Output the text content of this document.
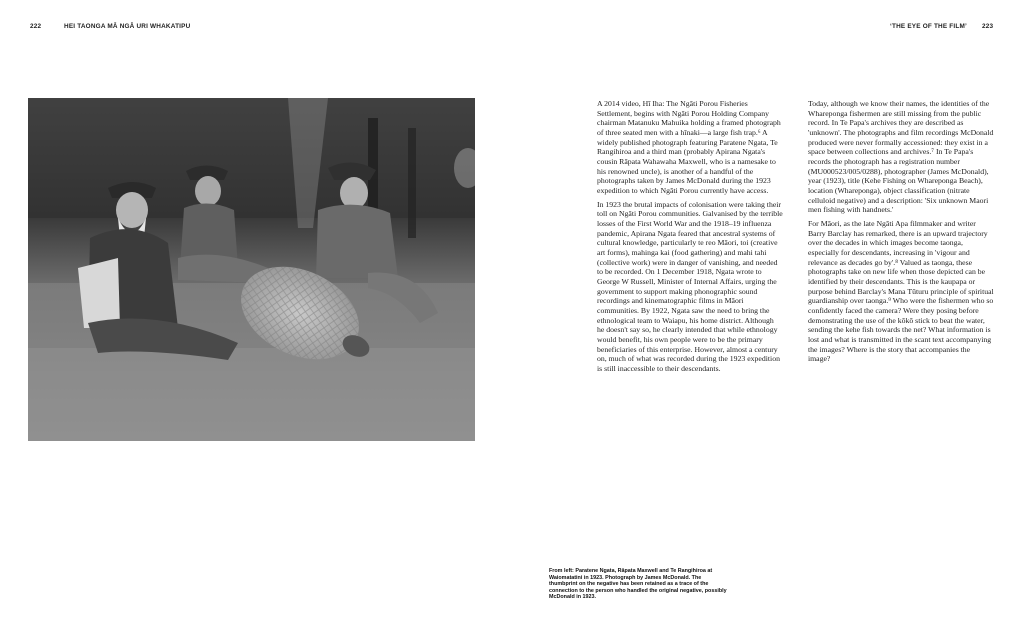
222	HEI TAONGA MĀ NGĀ URI WHAKATIPU	‘THE EYE OF THE FILM’ 223

A 2014 video, Hī Iha: The Ngāti Porou Fisheries Settlement, begins with Ngāti Porou Holding Company chairman Matanuku Mahuika holding a framed photograph of three seated men with a hīnaki—a large fish trap.⁶ A widely published photograph featuring Paratene Ngata, Te Rangihiroa and a third man (probably Apirana Ngata's cousin Rāpata Wahawaha Maxwell, who is a namesake to his renowned uncle), is another of a handful of the photographs taken by James McDonald during the 1923 expedition to which Ngāti Porou currently have access.

In 1923 the brutal impacts of colonisation were taking their toll on Ngāti Porou communities. Galvanised by the terrible losses of the First World War and the 1918–19 influenza pandemic, Apirana Ngata feared that ancestral systems of cultural knowledge, particularly te reo Māori, toi (creative art forms), mahinga kai (food gathering) and mahi tahi (collective work) were in danger of vanishing, and needed to be recorded. On 1 December 1918, Ngata wrote to George W Russell, Minister of Internal Affairs, urging the government to support making phonographic sound recordings and kinematographic films in Māori communities. By 1922, Ngata saw the need to bring the ethnological team to Waiapu, his home district. Although he doesn't say so, he clearly intended that while ethnology would benefit, his own people were to be the primary beneficiaries of this enterprise. However, almost a century on, much of what was recorded during the 1923 expedition is still inaccessible to their descendants.

Today, although we know their names, the identities of the Whareponga fishermen are still missing from the public record. In Te Papa's archives they are described as 'unknown'. The photographs and film recordings McDonald produced were never formally accessioned: they exist in a space between collections and archives.⁷ In Te Papa's records the photograph has a registration number (MU000523/005/0288), photographer (James McDonald), year (1923), title (Kehe Fishing on Whareponga Beach), location (Whareponga), object classification (nitrate celluloid negative) and a description: 'Six unknown Maori men fishing with handnets.'

For Māori, as the late Ngāti Apa filmmaker and writer Barry Barclay has remarked, there is an upward trajectory over the decades in which images become taonga, especially for descendants, increasing in 'vigour and relevance as decades go by'.⁸ Valued as taonga, these photographs take on new life when those depicted can be identified by their descendants. This is the kaupapa or purpose behind Barclay's Mana Tūturu principle of spiritual guardianship over taonga.⁹ Who were the fishermen who so confidently faced the camera? Were they posing before demonstrating the use of the kōkō stick to beat the water, sending the kehe fish towards the net? What information is lost and what is transmitted in the scant text accompanying the images? Where is the story that accompanies the image?

From left: Paratene Ngata, Rāpata Maxwell and Te Rangihiroa at Waiomatatini in 1923. Photograph by James McDonald. The thumbprint on the negative has been retained as a trace of the connection to the person who handled the original negative, possibly McDonald in 1923.
